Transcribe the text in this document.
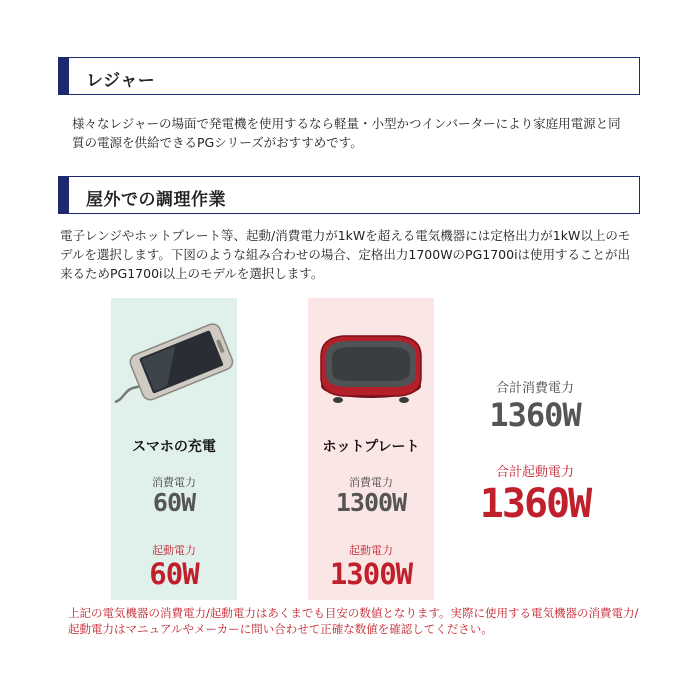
レジャー

様々なレジャーの場面で発電機を使用するなら軽量・小型かつインバーターにより家庭用電源と同質の電源を供給できるPGシリーズがおすすめです。

屋外での調理作業

電子レンジやホットプレート等、起動/消費電力が1kWを超える電気機器には定格出力が1kW以上のモデルを選択します。下図のような組み合わせの場合、定格出力1700WのPG1700iは使用することが出来るためPG1700i以上のモデルを選択します。

スマホの充電
消費電力
60W
起動電力
60W
ホットプレート
消費電力
1300W
起動電力
1300W
合計消費電力
1360W
合計起動電力
1360W

上記の電気機器の消費電力/起動電力はあくまでも目安の数値となります。実際に使用する電気機器の消費電力/起動電力はマニュアルやメーカーに問い合わせて正確な数値を確認してください。
